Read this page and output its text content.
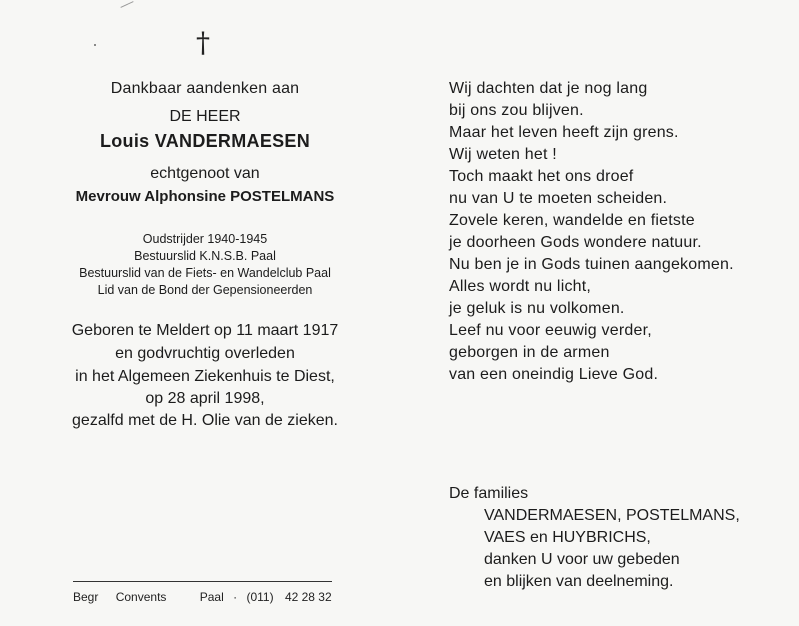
†
Dankbaar aandenken aan
DE HEER
Louis VANDERMAESEN
echtgenoot van
Mevrouw Alphonsine POSTELMANS
Oudstrijder 1940-1945
Bestuurslid K.N.S.B. Paal
Bestuurslid van de Fiets- en Wandelclub Paal
Lid van de Bond der Gepensioneerden
Geboren te Meldert op 11 maart 1917
en godvruchtig overleden
in het Algemeen Ziekenhuis te Diest,
op 28 april 1998,
gezalfd met de H. Olie van de zieken.
Wij dachten dat je nog lang
bij ons zou blijven.
Maar het leven heeft zijn grens.
Wij weten het !
Toch maakt het ons droef
nu van U te moeten scheiden.
Zovele keren, wandelde en fietste
je doorheen Gods wondere natuur.
Nu ben je in Gods tuinen aangekomen.
Alles wordt nu licht,
je geluk is nu volkomen.
Leef nu voor eeuwig verder,
geborgen in de armen
van een oneindig Lieve God.
De families
VANDERMAESEN, POSTELMANS,
VAES en HUYBRICHS,
danken U voor uw gebeden
en blijken van deelneming.
Begr Convents	Paal · (011) 42 28 32
